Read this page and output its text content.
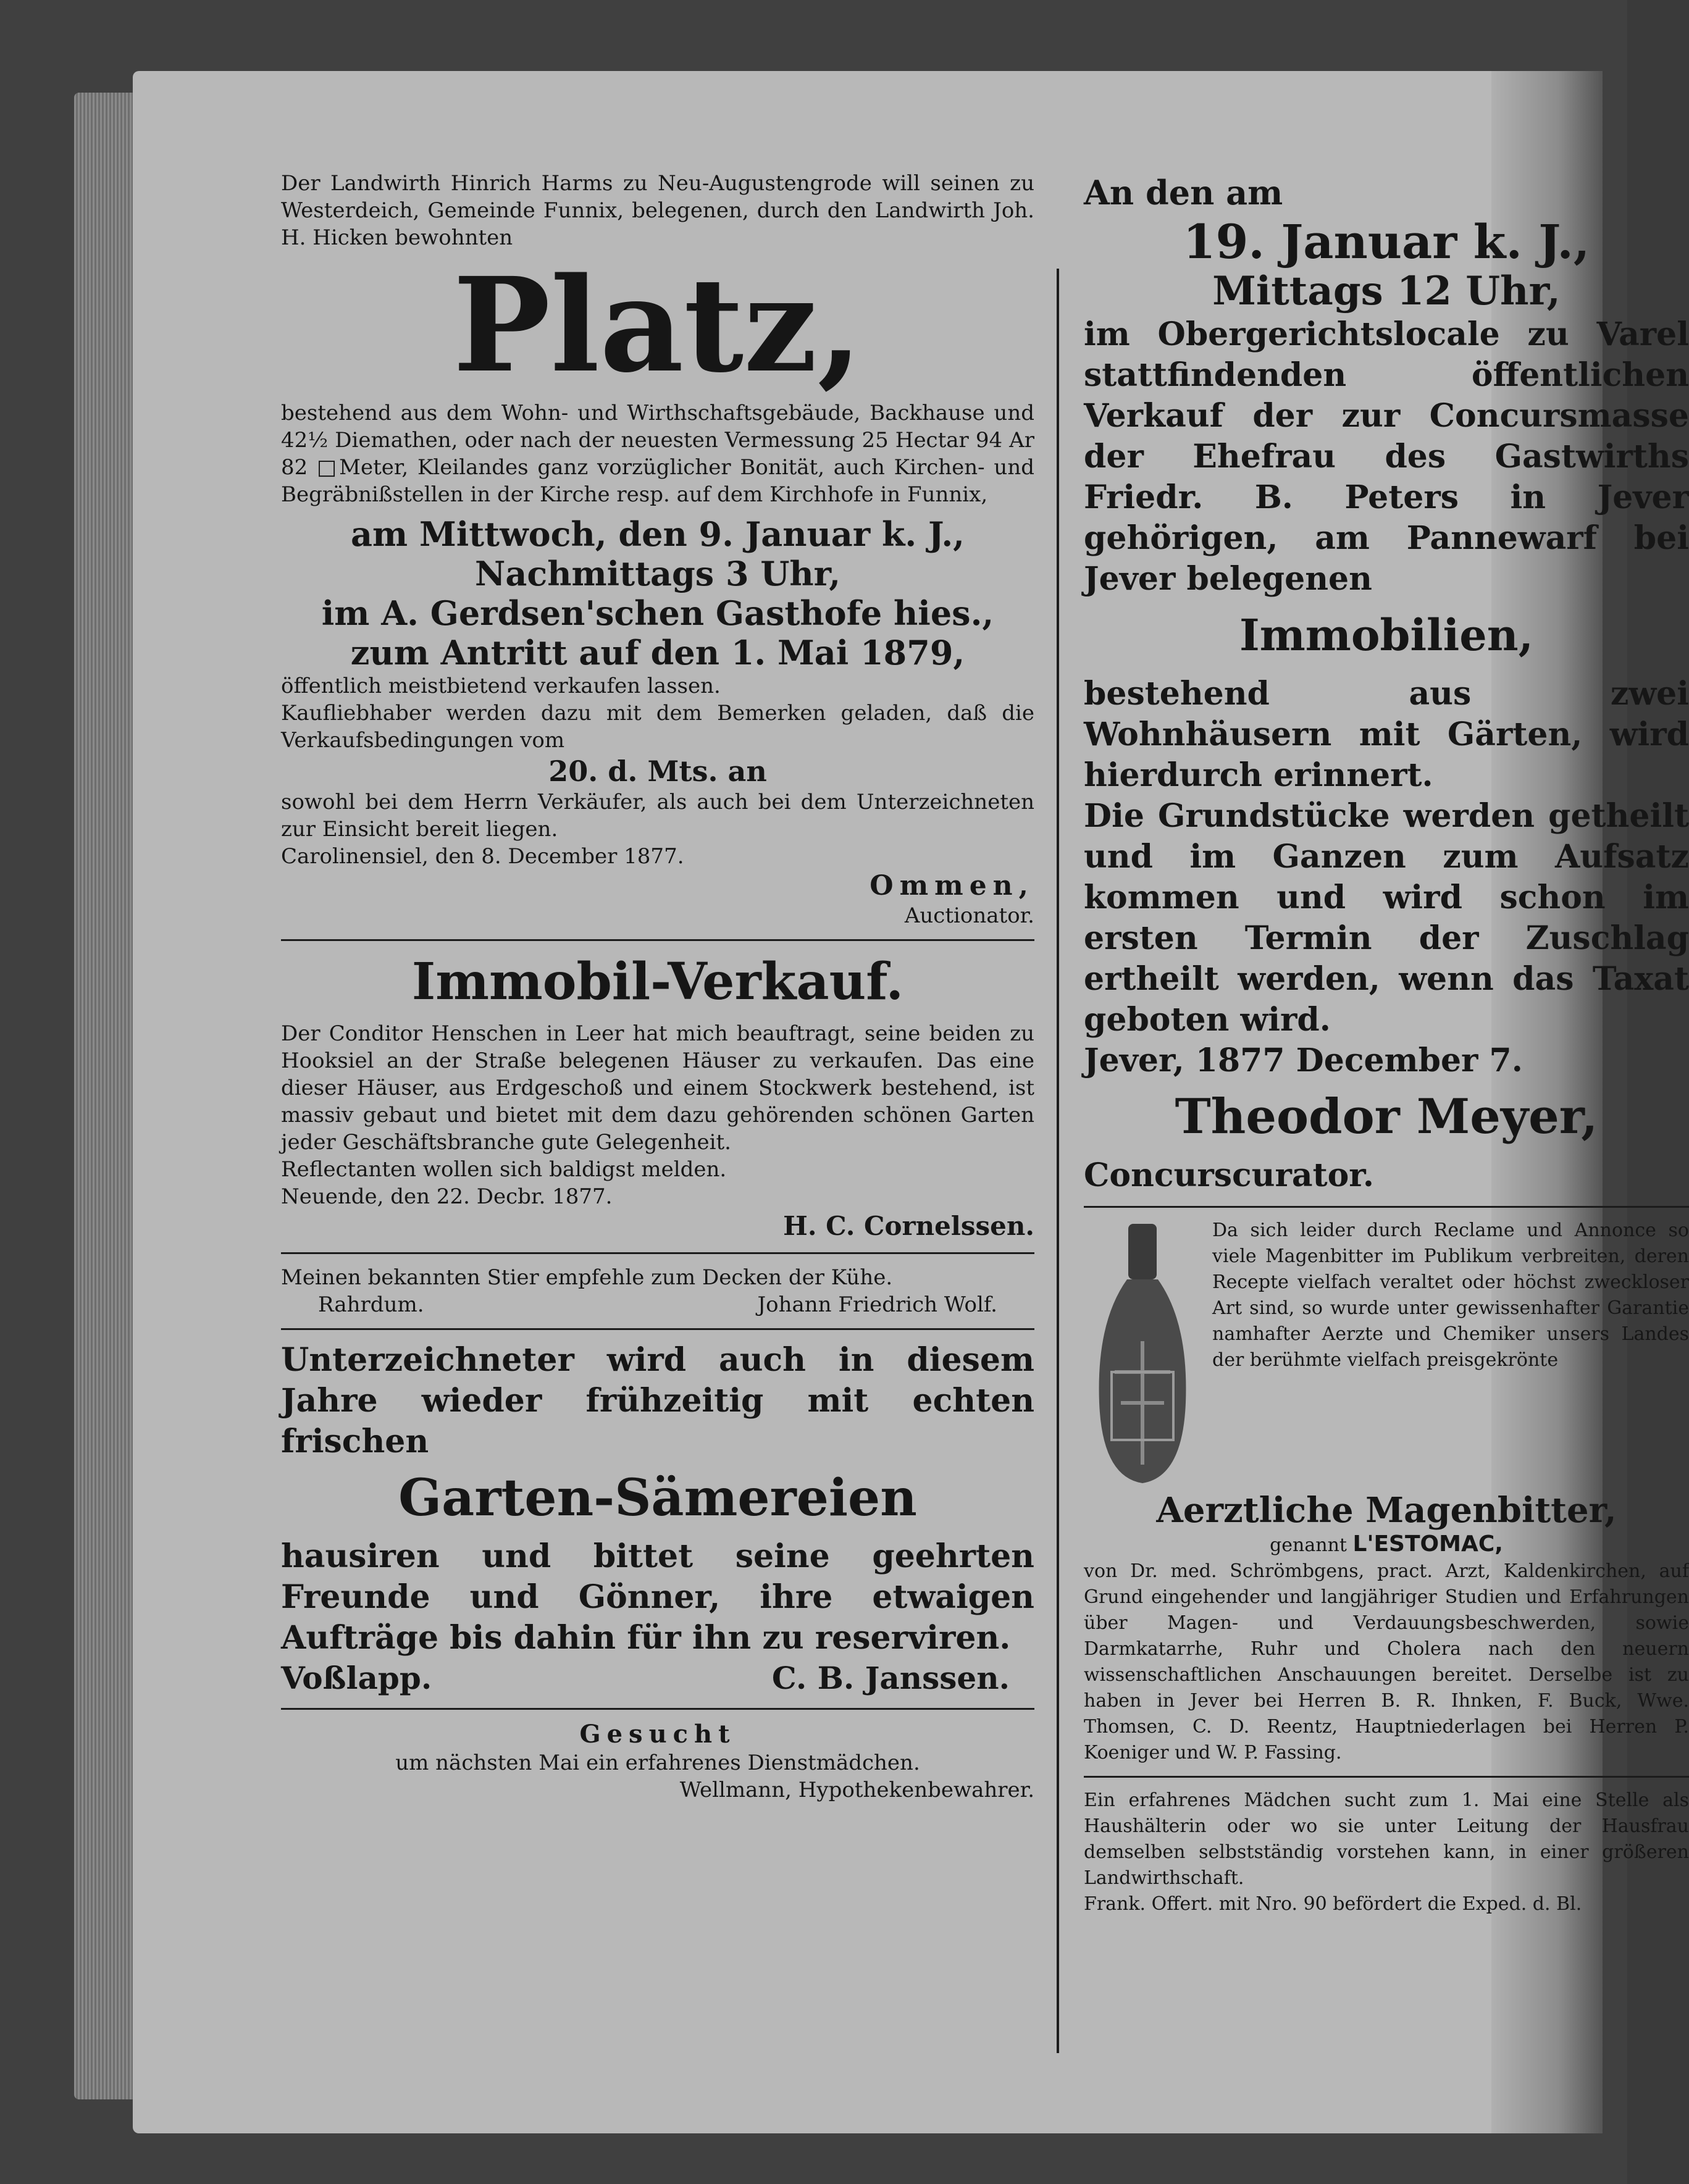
Der Landwirth Hinrich Harms zu Neu-Augustengrode will seinen zu Westerdeich, Gemeinde Funnix, belegenen, durch den Landwirth Joh. H. Hicken bewohnten

Platz,

bestehend aus dem Wohn- und Wirthschaftsgebäude, Backhause und 42½ Diemathen, oder nach der neuesten Vermessung 25 Hectar 94 Ar 82 □Meter, Kleilandes ganz vorzüglicher Bonität, auch Kirchen- und Begräbnißstellen in der Kirche resp. auf dem Kirchhofe in Funnix,

am Mittwoch, den 9. Januar k. J.,

Nachmittags 3 Uhr,

im A. Gerdsen'schen Gasthofe hies.,

zum Antritt auf den 1. Mai 1879,

öffentlich meistbietend verkaufen lassen.

Kaufliebhaber werden dazu mit dem Bemerken geladen, daß die Verkaufsbedingungen vom

20. d. Mts. an

sowohl bei dem Herrn Verkäufer, als auch bei dem Unterzeichneten zur Einsicht bereit liegen.

Carolinensiel, den 8. December 1877.

Ommen,

Auctionator.

Immobil-Verkauf.

Der Conditor Henschen in Leer hat mich beauftragt, seine beiden zu Hooksiel an der Straße belegenen Häuser zu verkaufen. Das eine dieser Häuser, aus Erdgeschoß und einem Stockwerk bestehend, ist massiv gebaut und bietet mit dem dazu gehörenden schönen Garten jeder Geschäftsbranche gute Gelegenheit.

Reflectanten wollen sich baldigst melden.

Neuende, den 22. Decbr. 1877.

H. C. Cornelssen.

Meinen bekannten Stier empfehle zum Decken der Kühe.

Rahrdum.	Johann Friedrich Wolf.

Unterzeichneter wird auch in diesem Jahre wieder frühzeitig mit echten frischen

Garten-Sämereien

hausiren und bittet seine geehrten Freunde und Gönner, ihre etwaigen Aufträge bis dahin für ihn zu reserviren.

Voßlapp.	C. B. Janssen.

Gesucht

um nächsten Mai ein erfahrenes Dienstmädchen.

Wellmann, Hypothekenbewahrer.

An den am

19. Januar k. J.,

Mittags 12 Uhr,

im Obergerichtslocale zu Varel stattfindenden öffentlichen Verkauf der zur Concursmasse der Ehefrau des Gastwirths Friedr. B. Peters in Jever gehörigen, am Pannewarf bei Jever belegenen

Immobilien,

bestehend aus zwei Wohnhäusern mit Gärten, wird hierdurch erinnert.

Die Grundstücke werden getheilt und im Ganzen zum Aufsatz kommen und wird schon im ersten Termin der Zuschlag ertheilt werden, wenn das Taxat geboten wird.

Jever, 1877 December 7.

Theodor Meyer,

Concurscurator.

Da sich leider durch Reclame und Annonce so viele Magenbitter im Publikum verbreiten, deren Recepte vielfach veraltet oder höchst zweckloser Art sind, so wurde unter gewissenhafter Garantie namhafter Aerzte und Chemiker unsers Landes der berühmte vielfach preisgekrönte

Aerztliche Magenbitter,

genannt L'ESTOMAC,

von Dr. med. Schrömbgens, pract. Arzt, Kaldenkirchen, auf Grund eingehender und langjähriger Studien und Erfahrungen über Magen- und Verdauungsbeschwerden, sowie Darmkatarrhe, Ruhr und Cholera nach den neuern wissenschaftlichen Anschauungen bereitet. Derselbe ist zu haben in Jever bei Herren B. R. Ihnken, F. Buck, Wwe. Thomsen, C. D. Reentz, Hauptniederlagen bei Herren P. Koeniger und W. P. Fassing.

Ein erfahrenes Mädchen sucht zum 1. Mai eine Stelle als Haushälterin oder wo sie unter Leitung der Hausfrau demselben selbstständig vorstehen kann, in einer größeren Landwirthschaft.

Frank. Offert. mit Nro. 90 befördert die Exped. d. Bl.
